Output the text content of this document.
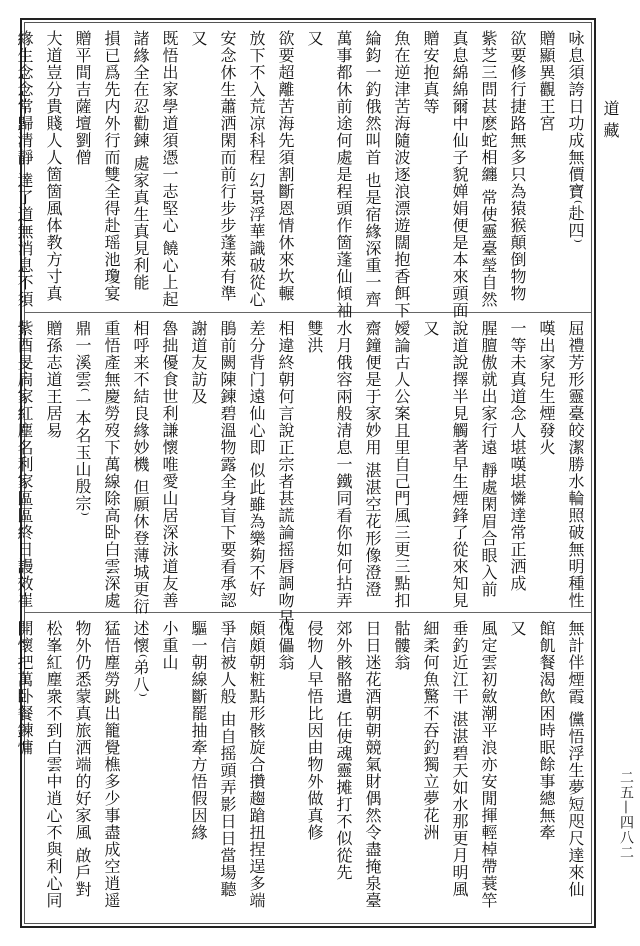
道藏
二五—四八二
咏息須誇日功成無價寶⁽赴四⁾
贈顯異觀王宮
欲要修行捷路無多只為猿猴顛倒物物
紫芝三問甚麽蛇相纏 常使靈臺瑩自然
真息綿綿爾中仙子貌婵娟便是本來頭面
贈安抱真等
魚在逆津苦海隨波逐浪漂遊闊抱香餌下
綸鈞一釣俄然叫首 也是宿緣深重一齊
萬事都休前途何處是程頭作箇蓬仙傾袖
又
欲要超離苦海先須割斷恩情休來坎輾
放下不入荒凉科程 幻景浮華識破從心
安念休生蕭洒閑而前行步步蓬萊有準
又
既悟出家學道須憑一志堅心 饒心上起
諸緣全在忍勸鍊 處家真生真見利能
損已爲先内外行而雙全得赴瑶池瓊宴
贈平間吉薩壇劉僧
大道豈分貴賤人人箇箇風体教方寸真
緣生念念常歸清靜 達了道無消息不須
屈禮芳形靈臺皎潔勝水輪照破無明種性
嘆出家兒生煙發火
一等未真道念人堪嘆堪憐達常正洒成
腥膻傲就出家行遠 靜處閑眉合眼入前
說道說擇半見觸著早生煙鋒了從來知見
又
嬡論古人公案且里自己門風三更三點扣
齋鐘便是于家妙用 湛湛空花形像澄澄
水月俄容兩般清息一鐵同看你如何拈弄
雙洪
相違終朝何言說正宗者甚謊論摇唇調吻早
差分背门遠仙心即 似此雖為樂夠不好
鵑前闕陳鍊碧溫物露全身盲下要看承認
謝道友訪及
魯拙優食世利謙懷唯愛山居深泳道友善
相呼来不結良緣妙機 但願休登薄城更衍
重悟產無慶勞歿下萬線除高卧白雲深處
鼎一溪雲⁽一本名玉山殷宗⁾
贈孫志道王居易
紫酉旻扄家紅塵名利家區區終日謾效崔
無計伴煙霞 儻悟浮生夢短咫尺達來仙
館飢餐渴飲困時眠餘事總無牽
又
風定雲初斂潮平浪亦安閒揮輕棹帶蓑竿
垂釣近江干 湛湛碧天如水那更月明風
細柔何魚驚不吞釣獨立夢花洲
骷髏翁
日日迷花酒朝朝競氣財偶然令盡掩泉臺
郊外骸骼遺 任使魂靈摊打不似從先
侵物人早悟比因由物外做真修
傀儡翁
頗頗朝粧點形骸旋合攢趨蹌扭捏逞多端
爭信被人般 由自摇頭弄影日日當場聽
驅一朝線斷罷抽牽方悟假因緣
小重山
述懷⁽弟八⁾
猛悟塵勞跳出籠覺樵多少事盡成空逍遥
物外仍悉蒙真旅洒端的好家風 啟戶對
松峯紅塵衆不到白雲中逍心不與利心同
開懷把萬卧餐鍊慵
